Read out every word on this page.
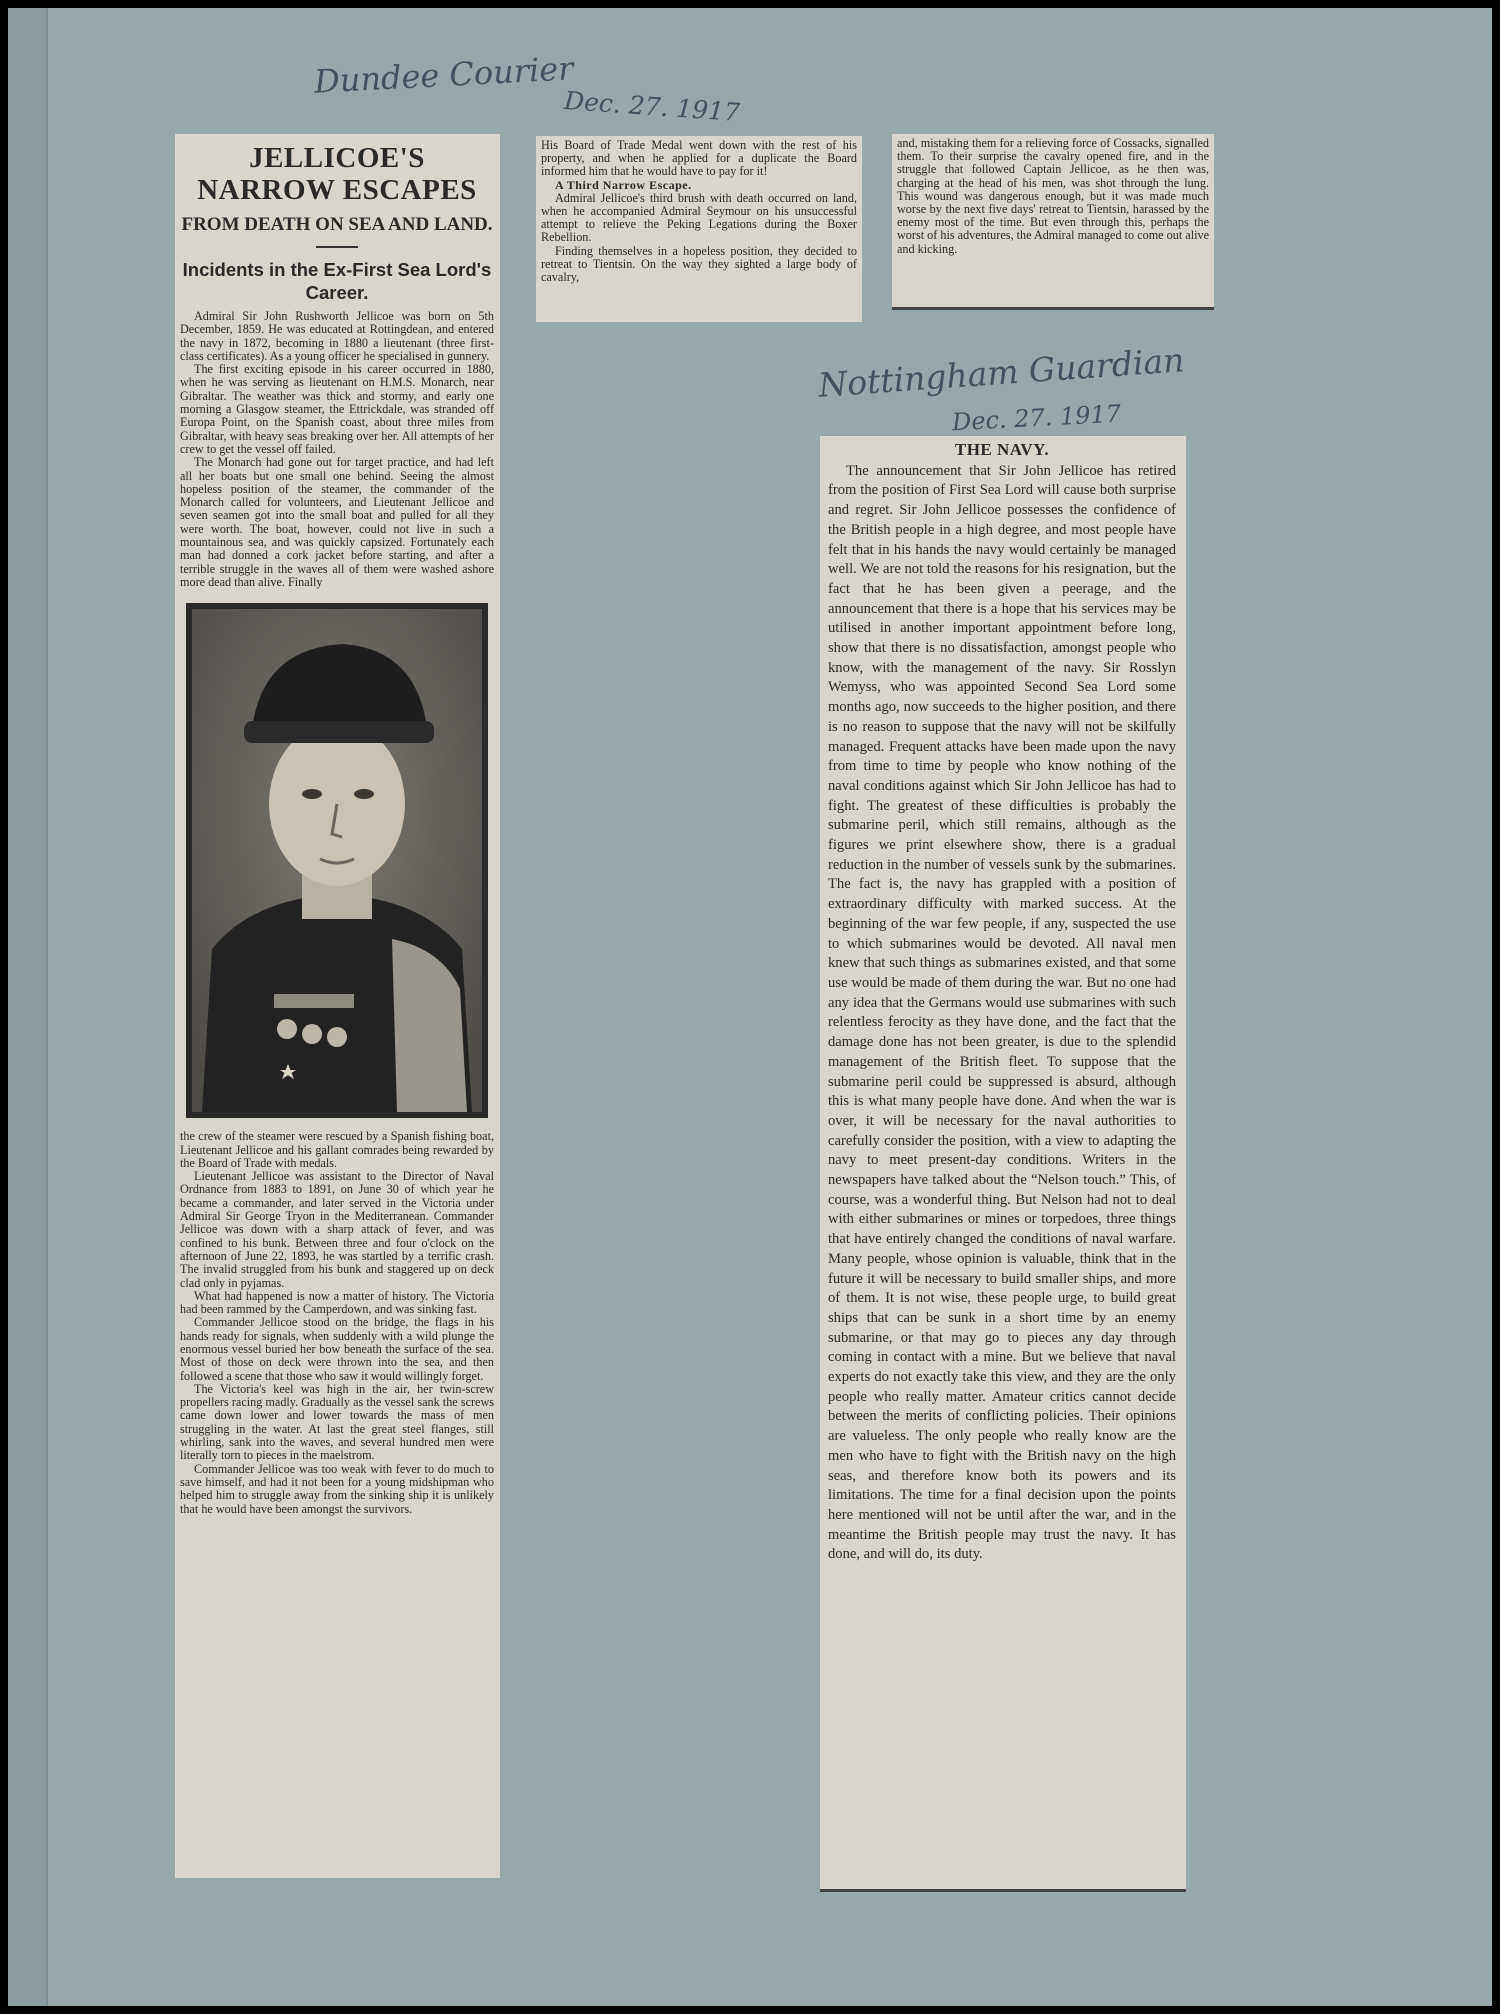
Dundee Courier
Dec. 27. 1917
JELLICOE'S NARROW ESCAPES
FROM DEATH ON SEA AND LAND.
Incidents in the Ex-First Sea Lord's Career.

Admiral Sir John Rushworth Jellicoe was born on 5th December, 1859. He was educated at Rottingdean, and entered the navy in 1872, becoming in 1880 a lieutenant (three first-class certificates). As a young officer he specialised in gunnery.

The first exciting episode in his career occurred in 1880, when he was serving as lieutenant on H.M.S. Monarch, near Gibraltar. The weather was thick and stormy, and early one morning a Glasgow steamer, the Ettrickdale, was stranded off Europa Point, on the Spanish coast, about three miles from Gibraltar, with heavy seas breaking over her. All attempts of her crew to get the vessel off failed.

The Monarch had gone out for target practice, and had left all her boats but one small one behind. Seeing the almost hopeless position of the steamer, the commander of the Monarch called for volunteers, and Lieutenant Jellicoe and seven seamen got into the small boat and pulled for all they were worth. The boat, however, could not live in such a mountainous sea, and was quickly capsized. Fortunately each man had donned a cork jacket before starting, and after a terrible struggle in the waves all of them were washed ashore more dead than alive. Finally

the crew of the steamer were rescued by a Spanish fishing boat, Lieutenant Jellicoe and his gallant comrades being rewarded by the Board of Trade with medals.

Lieutenant Jellicoe was assistant to the Director of Naval Ordnance from 1883 to 1891, on June 30 of which year he became a commander, and later served in the Victoria under Admiral Sir George Tryon in the Mediterranean. Commander Jellicoe was down with a sharp attack of fever, and was confined to his bunk. Between three and four o'clock on the afternoon of June 22, 1893, he was startled by a terrific crash. The invalid struggled from his bunk and staggered up on deck clad only in pyjamas.

What had happened is now a matter of history. The Victoria had been rammed by the Camperdown, and was sinking fast.

Commander Jellicoe stood on the bridge, the flags in his hands ready for signals, when suddenly with a wild plunge the enormous vessel buried her bow beneath the surface of the sea. Most of those on deck were thrown into the sea, and then followed a scene that those who saw it would willingly forget.

The Victoria's keel was high in the air, her twin-screw propellers racing madly. Gradually as the vessel sank the screws came down lower and lower towards the mass of men struggling in the water. At last the great steel flanges, still whirling, sank into the waves, and several hundred men were literally torn to pieces in the maelstrom.

Commander Jellicoe was too weak with fever to do much to save himself, and had it not been for a young midshipman who helped him to struggle away from the sinking ship it is unlikely that he would have been amongst the survivors.

His Board of Trade Medal went down with the rest of his property, and when he applied for a duplicate the Board informed him that he would have to pay for it!

A Third Narrow Escape.

Admiral Jellicoe's third brush with death occurred on land, when he accompanied Admiral Seymour on his unsuccessful attempt to relieve the Peking Legations during the Boxer Rebellion.

Finding themselves in a hopeless position, they decided to retreat to Tientsin. On the way they sighted a large body of cavalry,

and, mistaking them for a relieving force of Cossacks, signalled them. To their surprise the cavalry opened fire, and in the struggle that followed Captain Jellicoe, as he then was, charging at the head of his men, was shot through the lung. This wound was dangerous enough, but it was made much worse by the next five days' retreat to Tientsin, harassed by the enemy most of the time. But even through this, perhaps the worst of his adventures, the Admiral managed to come out alive and kicking.

Nottingham Guardian
Dec. 27. 1917
THE NAVY.

The announcement that Sir John Jellicoe has retired from the position of First Sea Lord will cause both surprise and regret. Sir John Jellicoe possesses the confidence of the British people in a high degree, and most people have felt that in his hands the navy would certainly be managed well. We are not told the reasons for his resignation, but the fact that he has been given a peerage, and the announcement that there is a hope that his services may be utilised in another important appointment before long, show that there is no dissatisfaction, amongst people who know, with the management of the navy. Sir Rosslyn Wemyss, who was appointed Second Sea Lord some months ago, now succeeds to the higher position, and there is no reason to suppose that the navy will not be skilfully managed. Frequent attacks have been made upon the navy from time to time by people who know nothing of the naval conditions against which Sir John Jellicoe has had to fight. The greatest of these difficulties is probably the submarine peril, which still remains, although as the figures we print elsewhere show, there is a gradual reduction in the number of vessels sunk by the submarines. The fact is, the navy has grappled with a position of extraordinary difficulty with marked success. At the beginning of the war few people, if any, suspected the use to which submarines would be devoted. All naval men knew that such things as submarines existed, and that some use would be made of them during the war. But no one had any idea that the Germans would use submarines with such relentless ferocity as they have done, and the fact that the damage done has not been greater, is due to the splendid management of the British fleet. To suppose that the submarine peril could be suppressed is absurd, although this is what many people have done. And when the war is over, it will be necessary for the naval authorities to carefully consider the position, with a view to adapting the navy to meet present-day conditions. Writers in the newspapers have talked about the “Nelson touch.” This, of course, was a wonderful thing. But Nelson had not to deal with either submarines or mines or torpedoes, three things that have entirely changed the conditions of naval warfare. Many people, whose opinion is valuable, think that in the future it will be necessary to build smaller ships, and more of them. It is not wise, these people urge, to build great ships that can be sunk in a short time by an enemy submarine, or that may go to pieces any day through coming in contact with a mine. But we believe that naval experts do not exactly take this view, and they are the only people who really matter. Amateur critics cannot decide between the merits of conflicting policies. Their opinions are valueless. The only people who really know are the men who have to fight with the British navy on the high seas, and therefore know both its powers and its limitations. The time for a final decision upon the points here mentioned will not be until after the war, and in the meantime the British people may trust the navy. It has done, and will do, its duty.
